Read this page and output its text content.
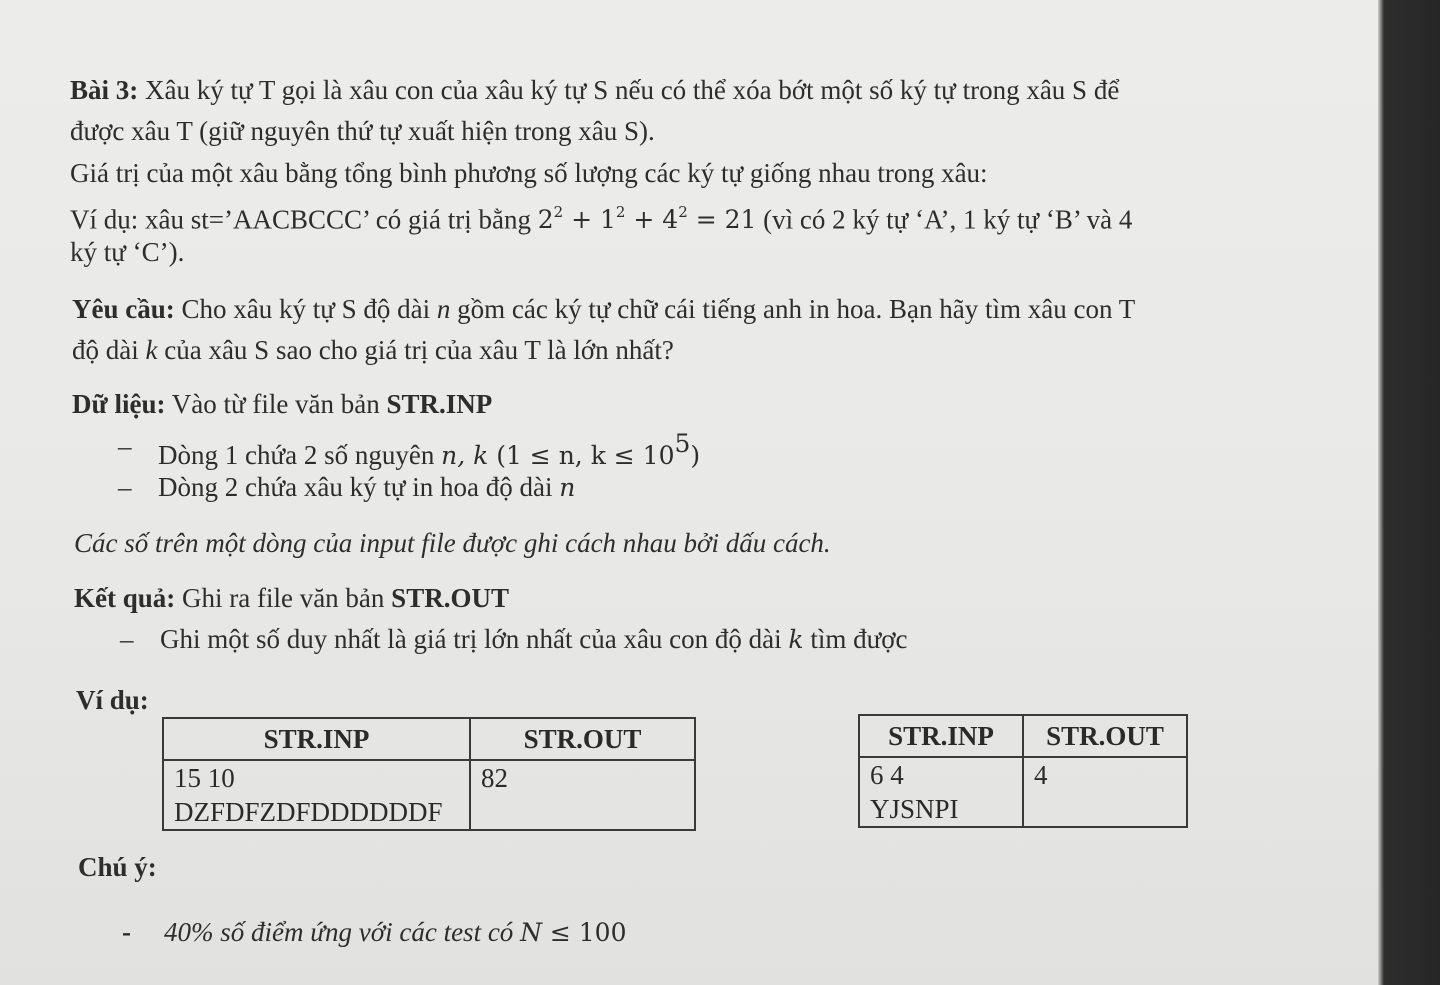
Bài 3: Xâu ký tự T gọi là xâu con của xâu ký tự S nếu có thể xóa bớt một số ký tự trong xâu S để
được xâu T (giữ nguyên thứ tự xuất hiện trong xâu S).
Giá trị của một xâu bằng tổng bình phương số lượng các ký tự giống nhau trong xâu:
Ví dụ: xâu st=’AACBCCC’ có giá trị bằng $2^2 + 1^2 + 4^2 = 21$ (vì có 2 ký tự ‘A’, 1 ký tự ‘B’ và 4
ký tự ‘C’).
Yêu cầu: Cho xâu ký tự S độ dài n gồm các ký tự chữ cái tiếng anh in hoa. Bạn hãy tìm xâu con T
độ dài k của xâu S sao cho giá trị của xâu T là lớn nhất?
Dữ liệu: Vào từ file văn bản STR.INP
– Dòng 1 chứa 2 số nguyên n, k (1 ≤ n, $k \le 10^5$)
– Dòng 2 chứa xâu ký tự in hoa độ dài n
Các số trên một dòng của input file được ghi cách nhau bởi dấu cách.
Kết quả: Ghi ra file văn bản STR.OUT
– Ghi một số duy nhất là giá trị lớn nhất của xâu con độ dài k tìm được
Ví dụ:
STR.INP	STR.OUT

15 10
DZFDFZDFDDDDDDF	82
STR.INP	STR.OUT

6 4
YJSNPI	4
Chú ý:
- 40% số điểm ứng với các test có N ≤ 100
